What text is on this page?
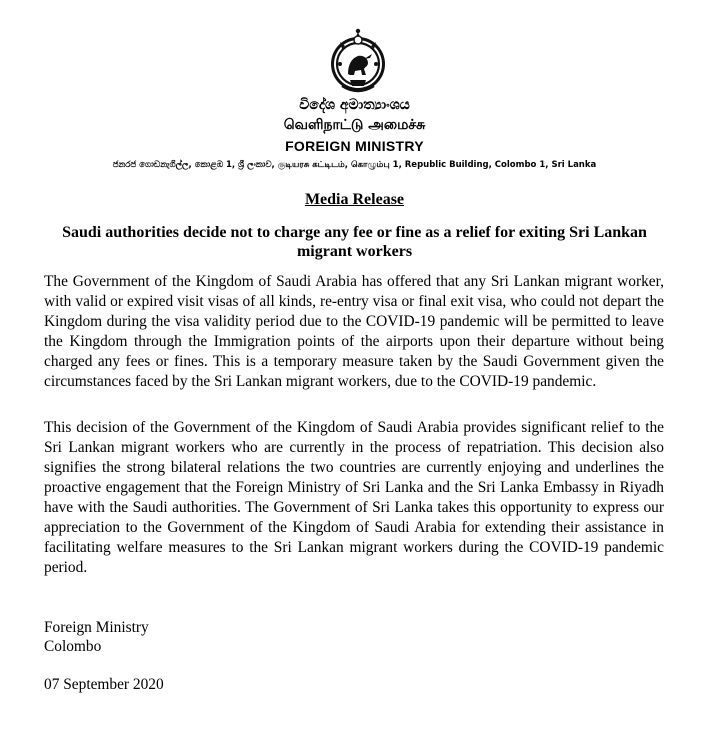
විදේශ අමාත්‍යාංශය
வெளிநாட்டு அமைச்சு
FOREIGN MINISTRY
ජනරජ ගොඩනැගිල්ල, කොළඹ 1, ශ්‍රී ලංකාව, குடியரசு கட்டிடம், கொழும்பு 1, Republic Building, Colombo 1, Sri Lanka
Media Release
Saudi authorities decide not to charge any fee or fine as a relief for exiting Sri Lankan migrant workers

The Government of the Kingdom of Saudi Arabia has offered that any Sri Lankan migrant worker, with valid or expired visit visas of all kinds, re-entry visa or final exit visa, who could not depart the Kingdom during the visa validity period due to the COVID-19 pandemic will be permitted to leave the Kingdom through the Immigration points of the airports upon their departure without being charged any fees or fines. This is a temporary measure taken by the Saudi Government given the circumstances faced by the Sri Lankan migrant workers, due to the COVID-19 pandemic.

This decision of the Government of the Kingdom of Saudi Arabia provides significant relief to the Sri Lankan migrant workers who are currently in the process of repatriation. This decision also signifies the strong bilateral relations the two countries are currently enjoying and underlines the proactive engagement that the Foreign Ministry of Sri Lanka and the Sri Lanka Embassy in Riyadh have with the Saudi authorities. The Government of Sri Lanka takes this opportunity to express our appreciation to the Government of the Kingdom of Saudi Arabia for extending their assistance in facilitating welfare measures to the Sri Lankan migrant workers during the COVID-19 pandemic period.

Foreign Ministry
Colombo
07 September 2020
